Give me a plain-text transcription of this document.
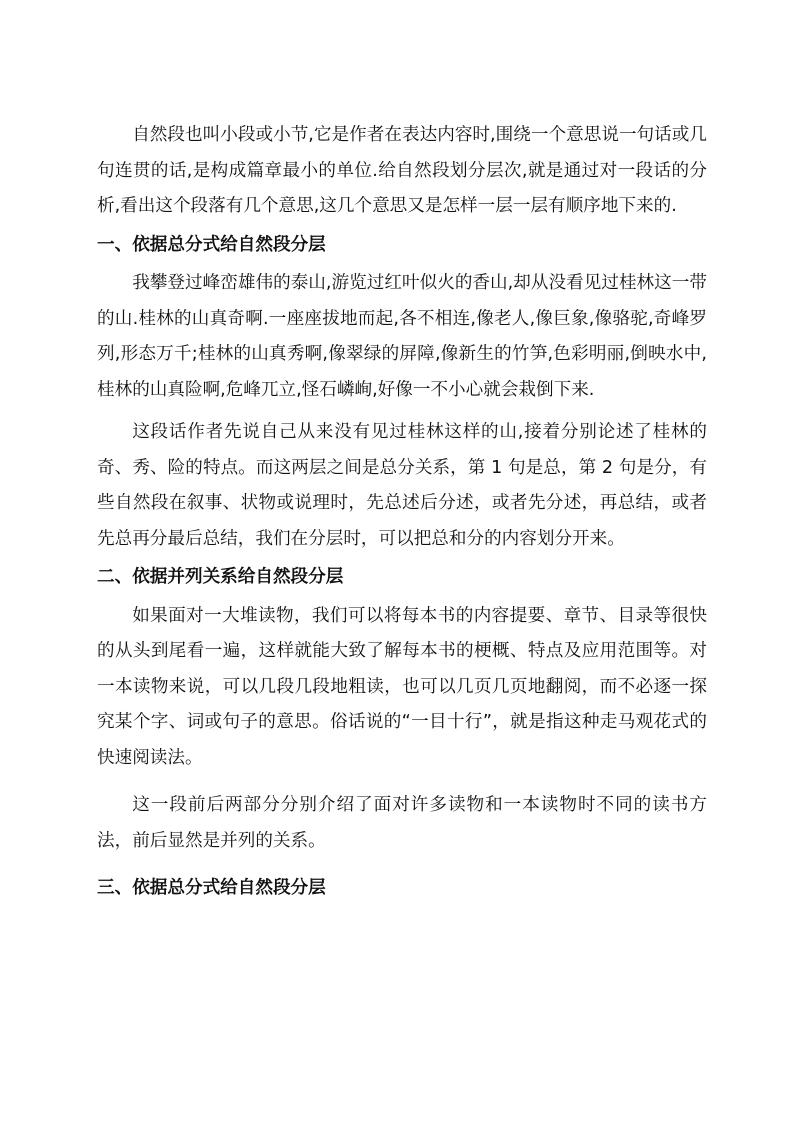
自然段也叫小段或小节,它是作者在表达内容时,围绕一个意思说一句话或几句连贯的话,是构成篇章最小的单位.给自然段划分层次,就是通过对一段话的分析,看出这个段落有几个意思,这几个意思又是怎样一层一层有顺序地下来的.

一、依据总分式给自然段分层

我攀登过峰峦雄伟的泰山,游览过红叶似火的香山,却从没看见过桂林这一带的山.桂林的山真奇啊.一座座拔地而起,各不相连,像老人,像巨象,像骆驼,奇峰罗列,形态万千;桂林的山真秀啊,像翠绿的屏障,像新生的竹笋,色彩明丽,倒映水中,桂林的山真险啊,危峰兀立,怪石嶙峋,好像一不小心就会栽倒下来.

这段话作者先说自己从来没有见过桂林这样的山,接着分别论述了桂林的奇、秀、险的特点。而这两层之间是总分关系，第 1 句是总，第 2 句是分，有些自然段在叙事、状物或说理时，先总述后分述，或者先分述，再总结，或者先总再分最后总结，我们在分层时，可以把总和分的内容划分开来。

二、依据并列关系给自然段分层

如果面对一大堆读物，我们可以将每本书的内容提要、章节、目录等很快的从头到尾看一遍，这样就能大致了解每本书的梗概、特点及应用范围等。对一本读物来说，可以几段几段地粗读，也可以几页几页地翻阅，而不必逐一探究某个字、词或句子的意思。俗话说的“一目十行”，就是指这种走马观花式的快速阅读法。

这一段前后两部分分别介绍了面对许多读物和一本读物时不同的读书方法，前后显然是并列的关系。

三、依据总分式给自然段分层
